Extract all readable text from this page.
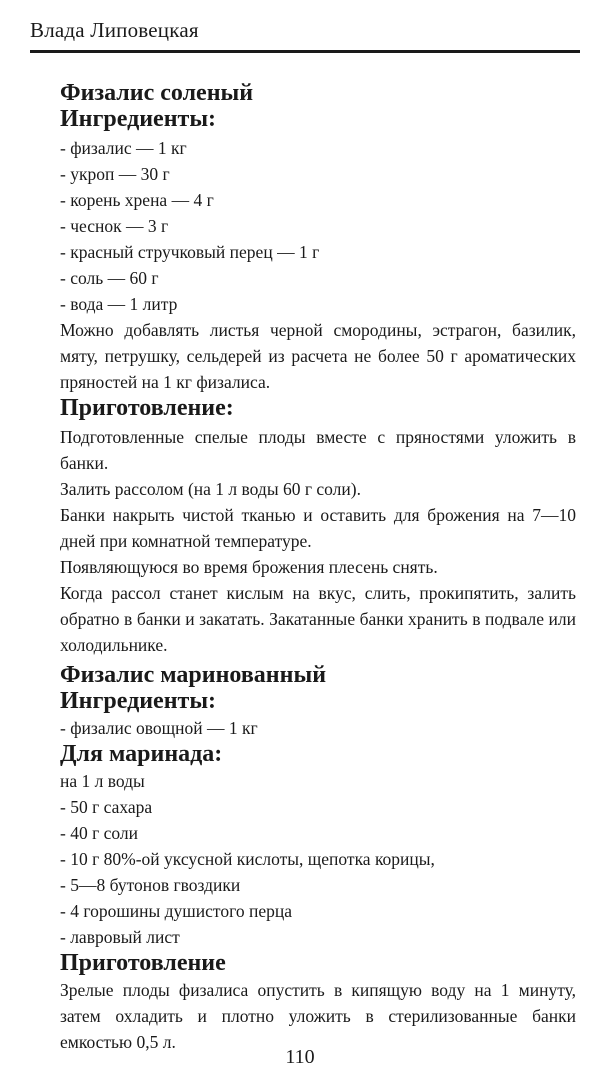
Влада Липовецкая
Физалис соленый
Ингредиенты:
- физалис — 1 кг
- укроп — 30 г
- корень хрена — 4 г
- чеснок — 3 г
- красный стручковый перец — 1 г
- соль — 60 г
- вода — 1 литр
Можно добавлять листья черной смородины, эстрагон, базилик, мяту, петрушку, сельдерей из расчета не более 50 г ароматических пряностей на 1 кг физалиса.
Приготовление:
Подготовленные спелые плоды вместе с пряностями уложить в банки.
Залить рассолом (на 1 л воды 60 г соли).
Банки накрыть чистой тканью и оставить для брожения на 7—10 дней при комнатной температуре.
Появляющуюся во время брожения плесень снять.
Когда рассол станет кислым на вкус, слить, прокипятить, залить обратно в банки и закатать. Закатанные банки хранить в подвале или холодильнике.
Физалис маринованный
Ингредиенты:
- физалис овощной — 1 кг
Для маринада:
на 1 л воды
- 50 г сахара
- 40 г соли
- 10 г 80%-ой уксусной кислоты, щепотка корицы,
- 5—8 бутонов гвоздики
- 4 горошины душистого перца
- лавровый лист
Приготовление
Зрелые плоды физалиса опустить в кипящую воду на 1 минуту, затем охладить и плотно уложить в стерилизованные банки емкостью 0,5 л.
110
